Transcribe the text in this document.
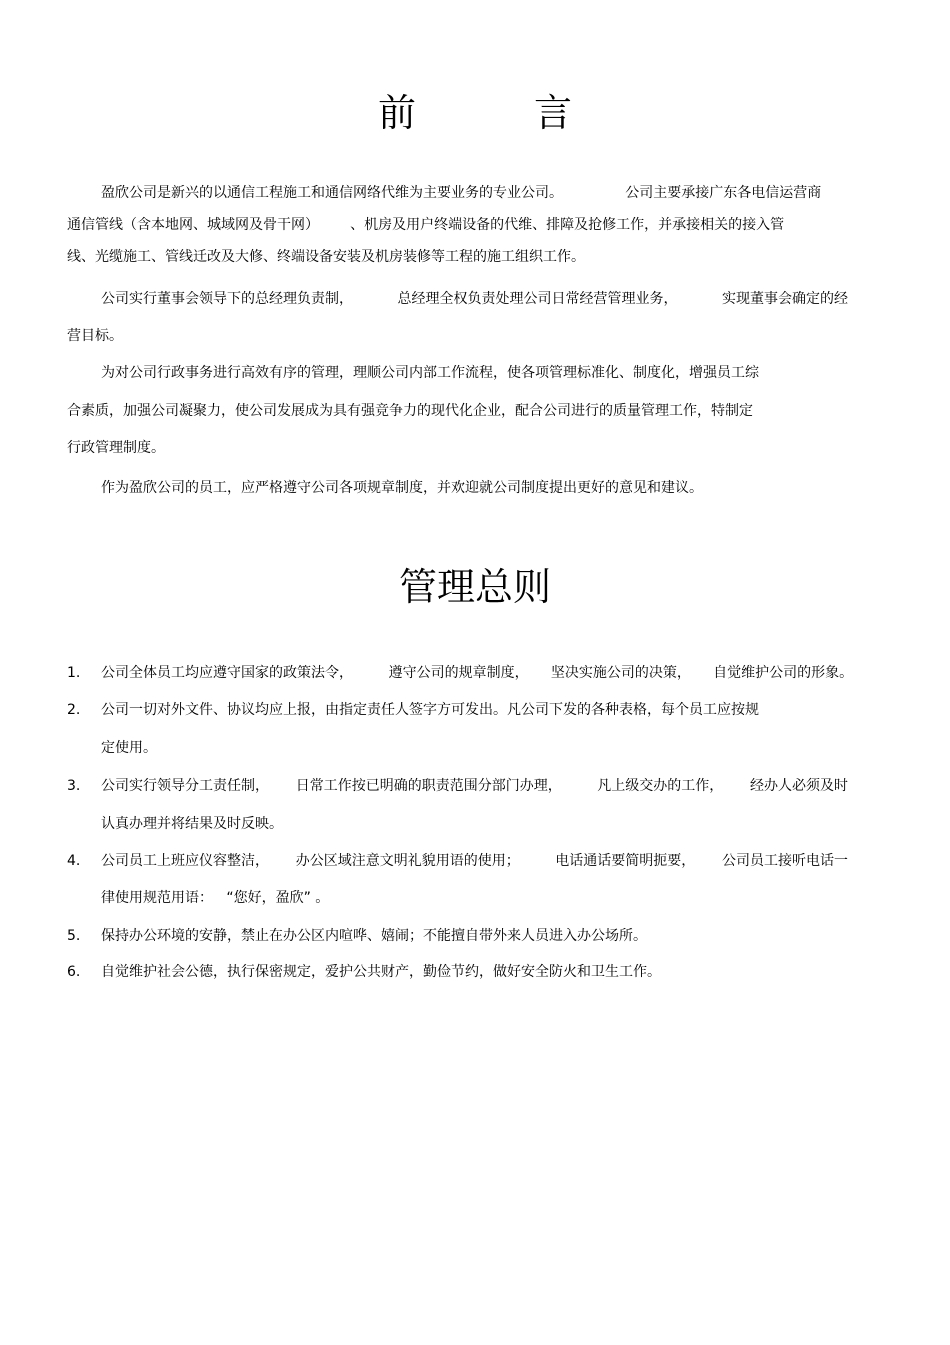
前　言
盈欣公司是新兴的以通信工程施工和通信网络代维为主要业务的专业公司。              公司主要承接广东各电信运营商
通信管线（含本地网、城域网及骨干网）       、机房及用户终端设备的代维、排障及抢修工作，并承接相关的接入管
线、光缆施工、管线迁改及大修、终端设备安装及机房装修等工程的施工组织工作。
公司实行董事会领导下的总经理负责制，          总经理全权负责处理公司日常经营管理业务，          实现董事会确定的经
营目标。
为对公司行政事务进行高效有序的管理，理顺公司内部工作流程，使各项管理标准化、制度化，增强员工综
合素质，加强公司凝聚力，使公司发展成为具有强竞争力的现代化企业，配合公司进行的质量管理工作，特制定
行政管理制度。
作为盈欣公司的员工，应严格遵守公司各项规章制度，并欢迎就公司制度提出更好的意见和建议。
管理总则
1. 公司全体员工均应遵守国家的政策法令，        遵守公司的规章制度，     坚决实施公司的决策，     自觉维护公司的形象。
2. 公司一切对外文件、协议均应上报，由指定责任人签字方可发出。凡公司下发的各种表格，每个员工应按规
定使用。
3. 公司实行领导分工责任制，      日常工作按已明确的职责范围分部门办理，        凡上级交办的工作，      经办人必须及时
认真办理并将结果及时反映。
4. 公司员工上班应仪容整洁，      办公区域注意文明礼貌用语的使用；        电话通话要简明扼要，      公司员工接听电话一
律使用规范用语：   “您好，盈欣” 。
5. 保持办公环境的安静，禁止在办公区内喧哗、嬉闹；不能擅自带外来人员进入办公场所。
6. 自觉维护社会公德，执行保密规定，爱护公共财产，勤俭节约，做好安全防火和卫生工作。
